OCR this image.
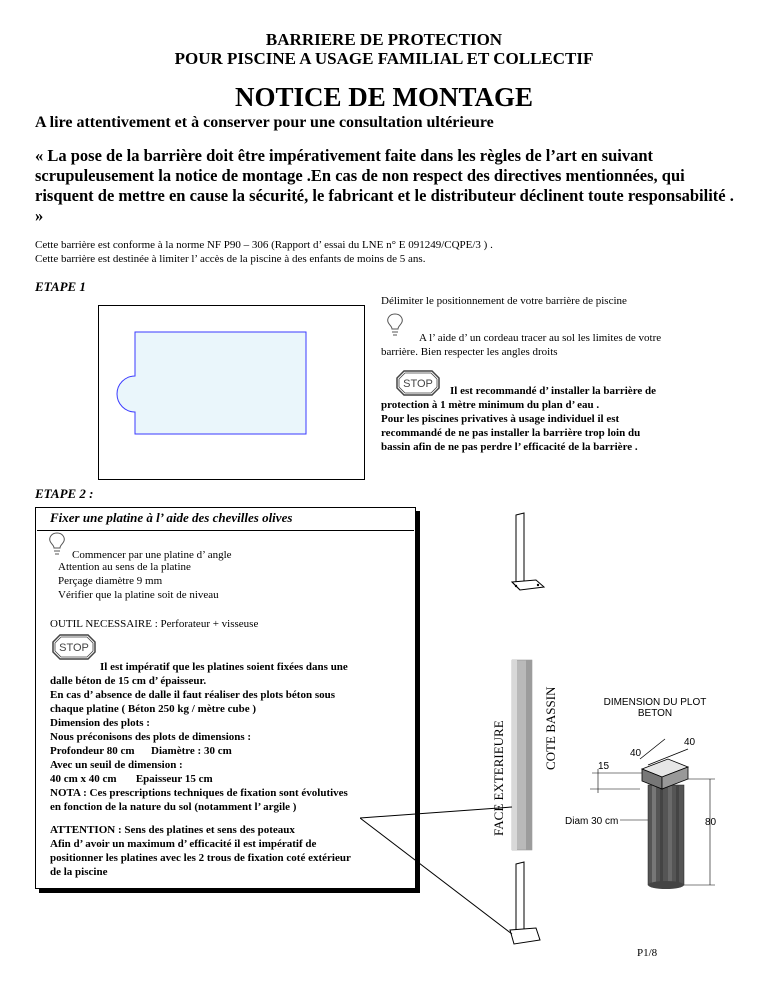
BARRIERE DE PROTECTION
POUR PISCINE A USAGE FAMILIAL ET COLLECTIF
NOTICE DE MONTAGE
A lire attentivement et à conserver pour une consultation ultérieure
« La pose de la barrière doit être impérativement faite dans les règles de l’art en suivant scrupuleusement la notice de montage .En cas de non respect des directives mentionnées, qui risquent de mettre en cause la sécurité, le fabricant et le distributeur déclinent toute responsabilité . »
Cette barrière est conforme à la norme NF P90 – 306 (Rapport d’ essai du LNE n° E 091249/CQPE/3 ) .
Cette barrière est destinée à limiter l’ accès de la piscine à des enfants de moins de 5 ans.
ETAPE 1
Délimiter le positionnement de votre barrière de piscine
A l’ aide d’ un cordeau tracer au sol les limites de votre
barrière. Bien respecter les angles droits
STOP
Il est recommandé d’ installer la barrière de
protection à 1 mètre minimum du plan d’ eau .
Pour les piscines privatives à usage individuel il est
recommandé de ne pas installer la barrière trop loin du
bassin afin de ne pas perdre l’ efficacité de la barrière .
ETAPE 2 :
Fixer une platine à l’ aide des chevilles olives
Commencer par une platine d’ angle
Attention au sens de la platine
Perçage diamètre 9 mm
Vérifier que la platine soit de niveau
OUTIL NECESSAIRE : Perforateur + visseuse
STOP
Il est impératif que les platines soient fixées dans une
dalle béton de 15 cm d’ épaisseur.
En cas d’ absence de dalle il faut réaliser des plots béton sous
chaque platine ( Béton 250 kg / mètre cube )
Dimension des plots :
Nous préconisons des plots de dimensions :
Profondeur 80 cm      Diamètre : 30 cm
Avec un seuil de dimension :
40 cm x 40 cm       Epaisseur 15 cm
NOTA : Ces prescriptions techniques de fixation sont évolutives
en fonction de la nature du sol (notamment l’ argile )
ATTENTION : Sens des platines et sens des poteaux
Afin d’ avoir un maximum d’ efficacité il est impératif de
positionner les platines avec les 2 trous de fixation coté extérieur
de la piscine
FACE EXTERIEURE	COTE BASSIN	DIMENSION DU PLOT
BETON
40
40
15
Diam 30 cm	80
P1/8
